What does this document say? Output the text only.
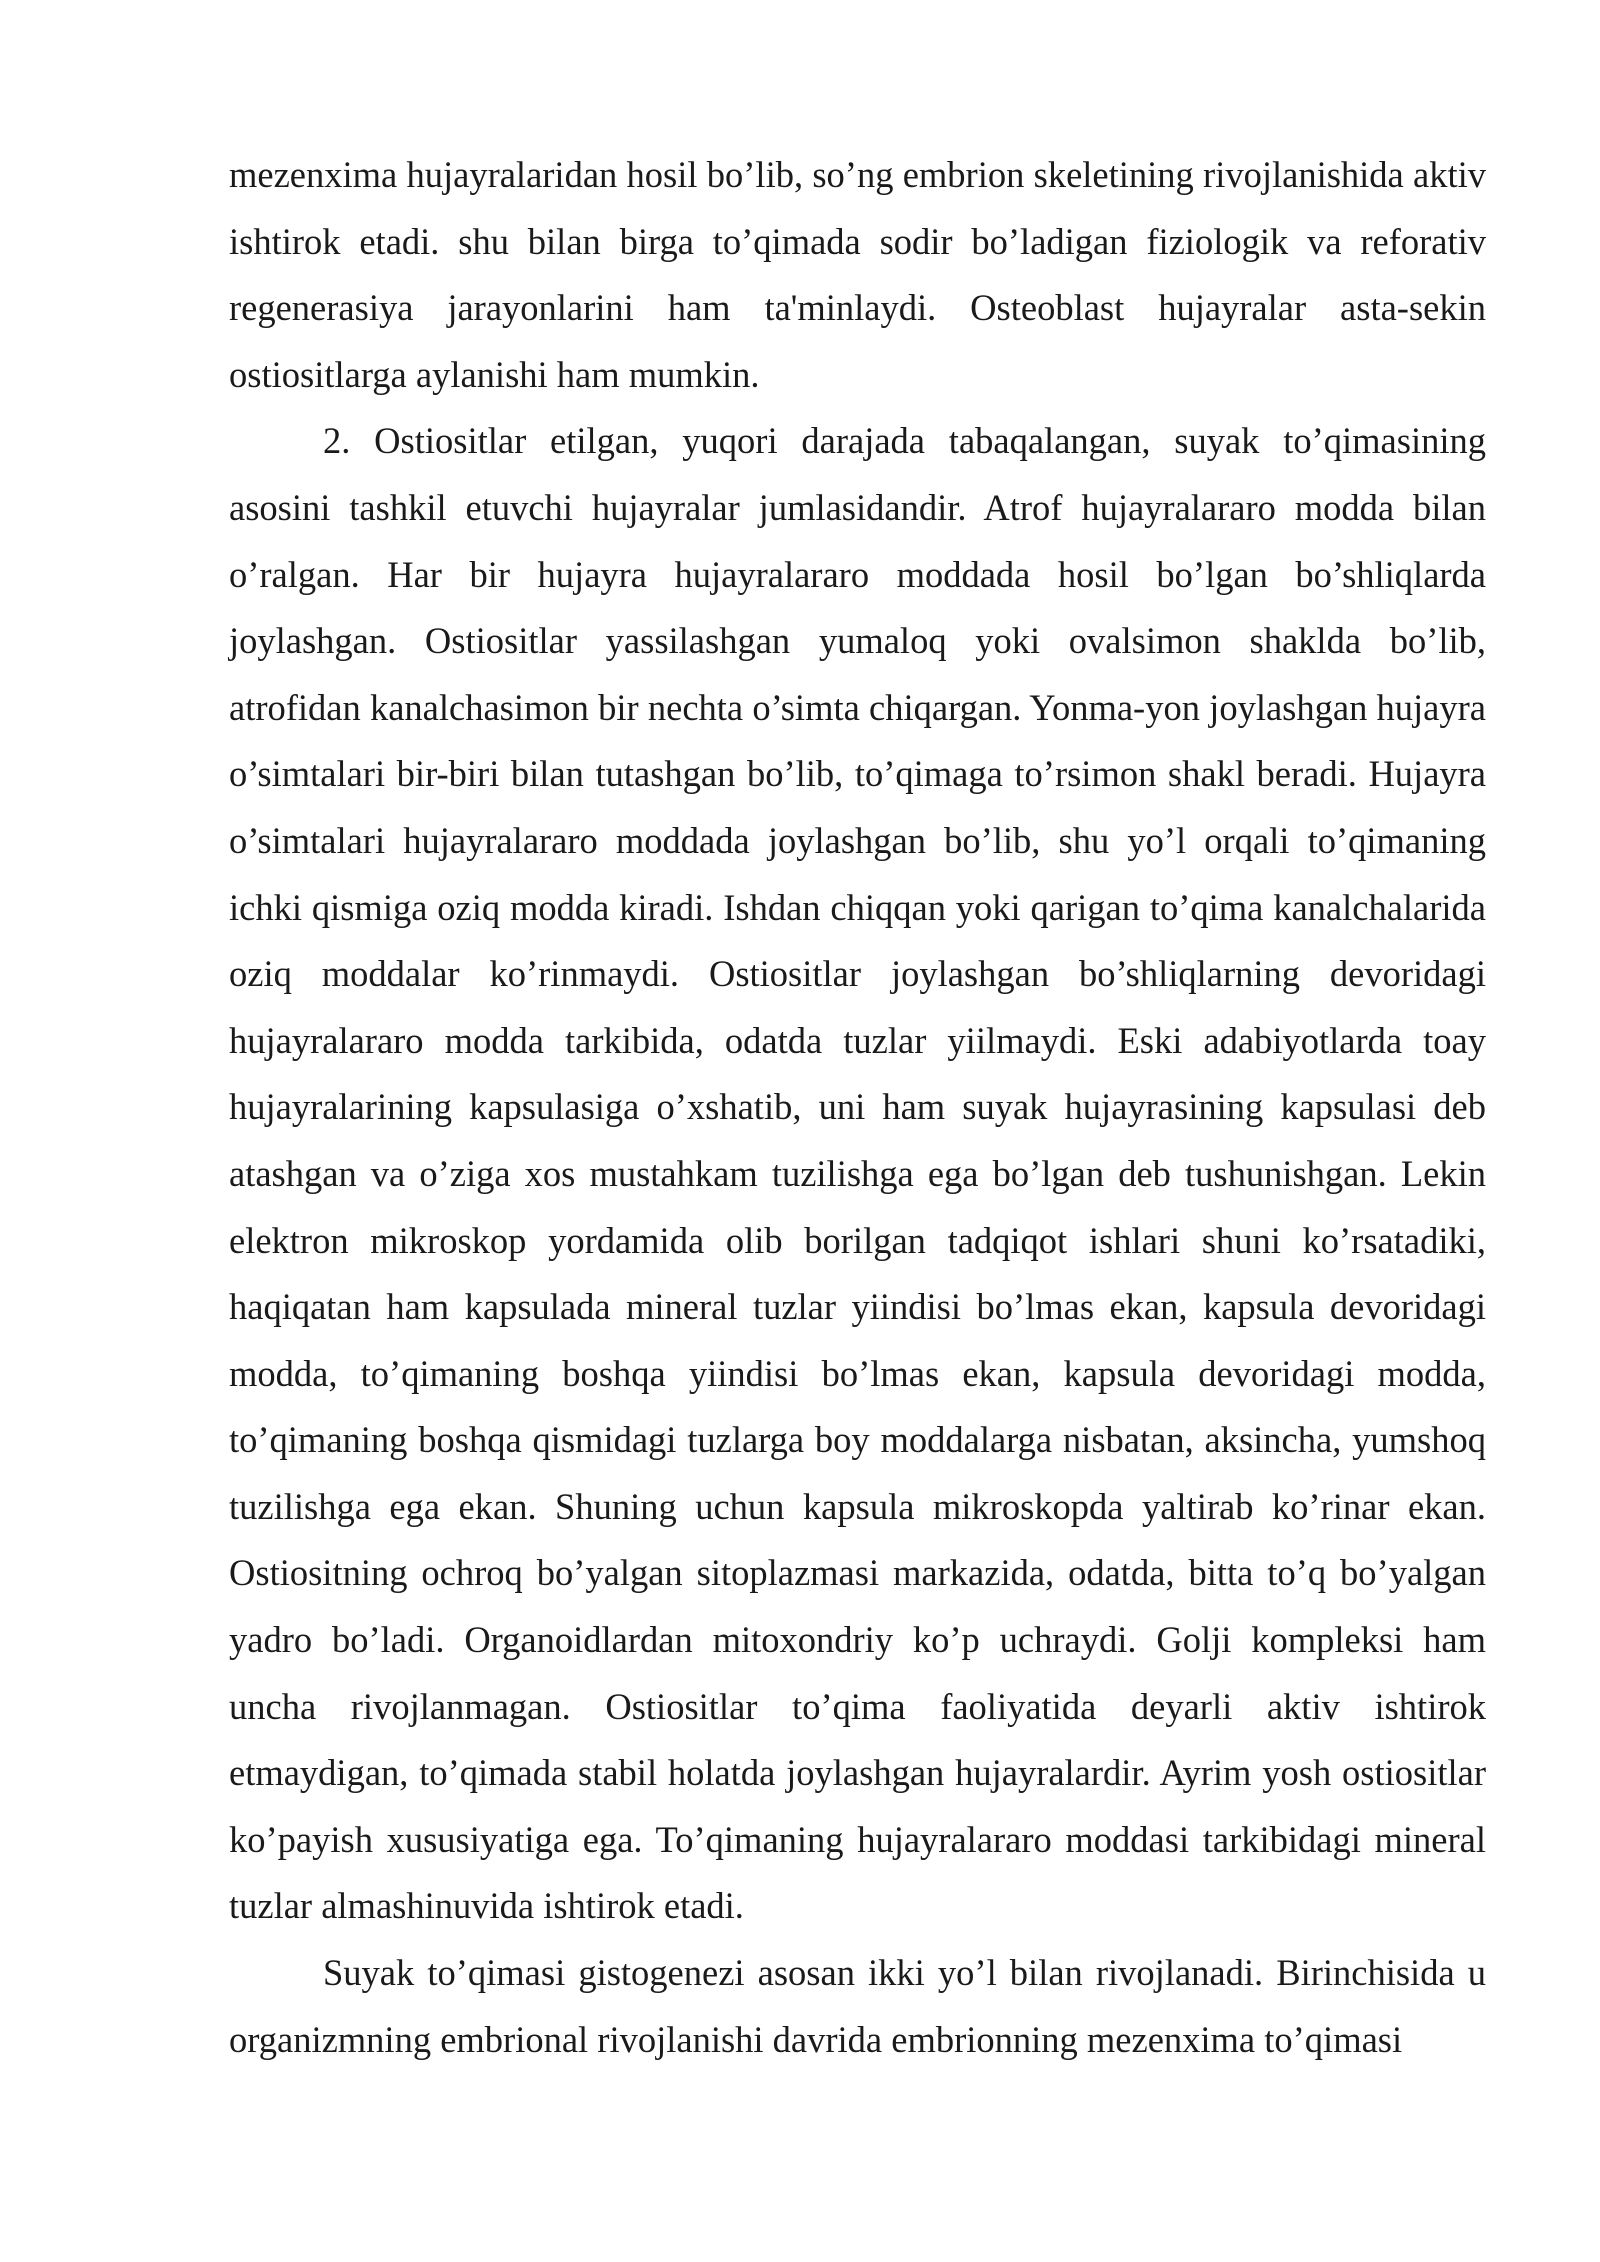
mezenxima hujayralaridan hosil bo’lib, so’ng embrion skeletining rivojlanishida aktiv ishtirok etadi. shu bilan birga to’qimada sodir bo’ladigan fiziologik va reforativ regenerasiya jarayonlarini ham ta'minlaydi. Osteoblast hujayralar asta-sekin ostiositlarga aylanishi ham mumkin.

2. Ostiositlar etilgan, yuqori darajada tabaqalangan, suyak to’qimasining asosini tashkil etuvchi hujayralar jumlasidandir. Atrof hujayralararo modda bilan o’ralgan. Har bir hujayra hujayralararo moddada hosil bo’lgan bo’shliqlarda joylashgan. Ostiositlar yassilashgan yumaloq yoki ovalsimon shaklda bo’lib, atrofidan kanalchasimon bir nechta o’simta chiqargan. Yonma-yon joylashgan hujayra o’simtalari bir-biri bilan tutashgan bo’lib, to’qimaga to’rsimon shakl beradi. Hujayra o’simtalari hujayralararo moddada joylashgan bo’lib, shu yo’l orqali to’qimaning ichki qismiga oziq modda kiradi. Ishdan chiqqan yoki qarigan to’qima kanalchalarida oziq moddalar ko’rinmaydi. Ostiositlar joylashgan bo’shliqlarning devoridagi hujayralararo modda tarkibida, odatda tuzlar yiilmaydi. Eski adabiyotlarda toay hujayralarining kapsulasiga o’xshatib, uni ham suyak hujayrasining kapsulasi deb atashgan va o’ziga xos mustahkam tuzilishga ega bo’lgan deb tushunishgan. Lekin elektron mikroskop yordamida olib borilgan tadqiqot ishlari shuni ko’rsatadiki, haqiqatan ham kapsulada mineral tuzlar yiindisi bo’lmas ekan, kapsula devoridagi modda, to’qimaning boshqa yiindisi bo’lmas ekan, kapsula devoridagi modda, to’qimaning boshqa qismidagi tuzlarga boy moddalarga nisbatan, aksincha, yumshoq tuzilishga ega ekan. Shuning uchun kapsula mikroskopda yaltirab ko’rinar ekan. Ostiositning ochroq bo’yalgan sitoplazmasi markazida, odatda, bitta to’q bo’yalgan yadro bo’ladi. Organoidlardan mitoxondriy ko’p uchraydi. Golji kompleksi ham uncha rivojlanmagan. Ostiositlar to’qima faoliyatida deyarli aktiv ishtirok etmaydigan, to’qimada stabil holatda joylashgan hujayralardir. Ayrim yosh ostiositlar ko’payish xususiyatiga ega. To’qimaning hujayralararo moddasi tarkibidagi mineral tuzlar almashinuvida ishtirok etadi.

Suyak to’qimasi gistogenezi asosan ikki yo’l bilan rivojlanadi. Birinchisida u organizmning embrional rivojlanishi davrida embrionning mezenxima to’qimasi
